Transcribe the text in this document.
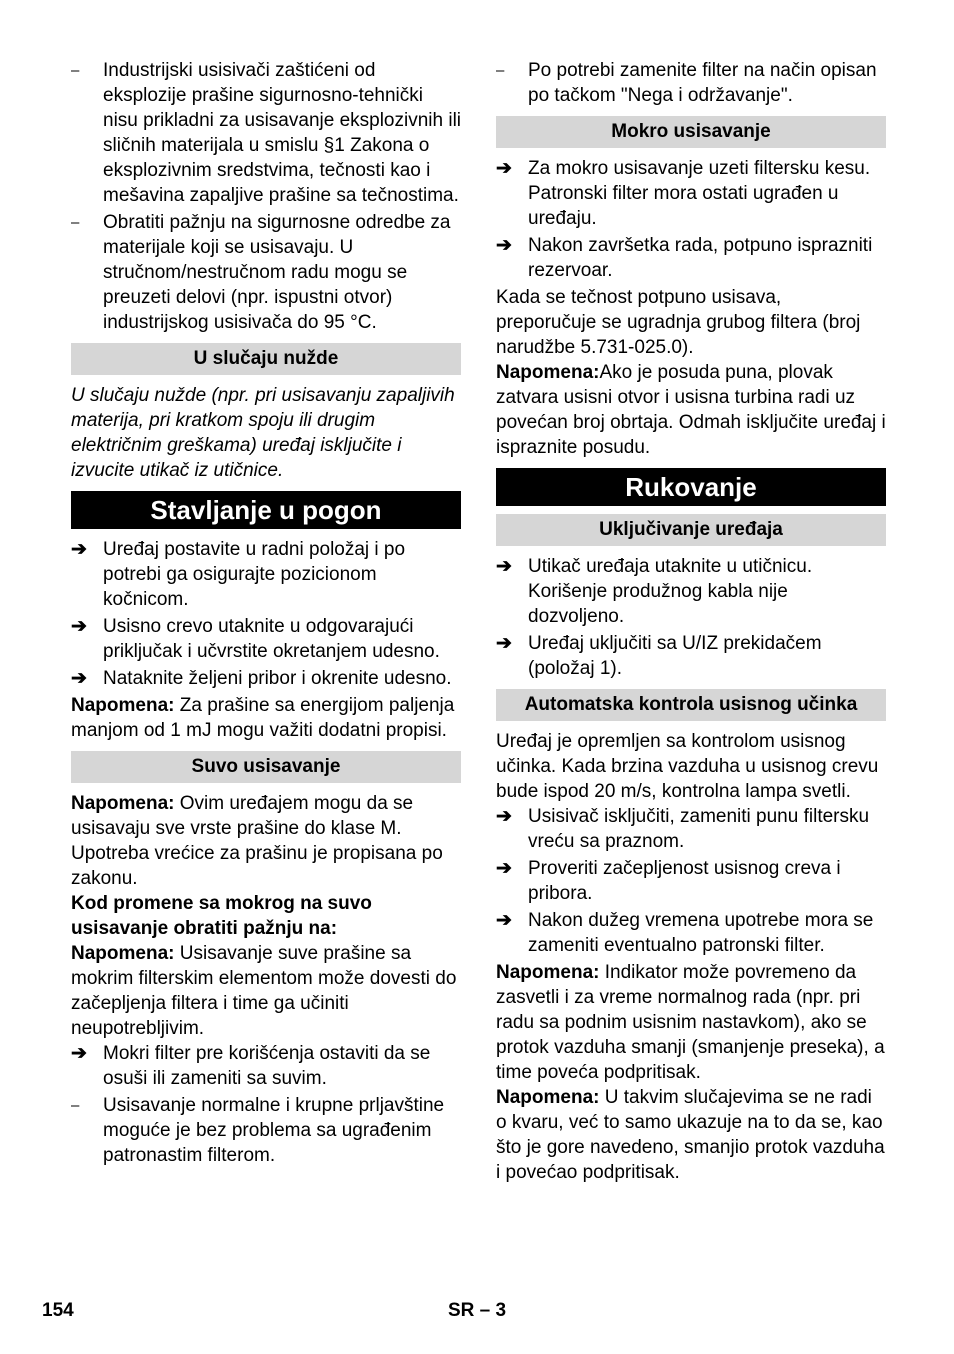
–	Industrijski usisivači zaštićeni od eksplozije prašine sigurnosno-tehnički nisu prikladni za usisavanje eksplozivnih ili sličnih materijala u smislu §1 Zakona o eksplozivnim sredstvima, tečnosti kao i mešavina zapaljive prašine sa tečnostima.
–	Obratiti pažnju na sigurnosne odredbe za materijale koji se usisavaju. U stručnom/nestručnom radu mogu se preuzeti delovi (npr. ispustni otvor) industrijskog usisivača do 95 °C.
U slučaju nužde
U slučaju nužde (npr. pri usisavanju zapaljivih materija, pri kratkom spoju ili drugim električnim greškama) uređaj isključite i izvucite utikač iz utičnice.
Stavljanje u pogon
➔ Uređaj postavite u radni položaj i po potrebi ga osigurajte pozicionom kočnicom.
➔ Usisno crevo utaknite u odgovarajući priključak i učvrstite okretanjem udesno.
➔ Nataknite željeni pribor i okrenite udesno.
Napomena: Za prašine sa energijom paljenja manjom od 1 mJ mogu važiti dodatni propisi.
Suvo usisavanje
Napomena: Ovim uređajem mogu da se usisavaju sve vrste prašine do klase M. Upotreba vrećice za prašinu je propisana po zakonu.
Kod promene sa mokrog na suvo usisavanje obratiti pažnju na:
Napomena: Usisavanje suve prašine sa mokrim filterskim elementom može dovesti do začepljenja filtera i time ga učiniti neupotrebljivim.
➔ Mokri filter pre korišćenja ostaviti da se osuši ili zameniti sa suvim.
–	Usisavanje normalne i krupne prljavštine moguće je bez problema sa ugrađenim patronastim filterom.
–	Po potrebi zamenite filter na način opisan po tačkom "Nega i održavanje".
Mokro usisavanje
➔ Za mokro usisavanje uzeti filtersku kesu. Patronski filter mora ostati ugrađen u uređaju.
➔ Nakon završetka rada, potpuno isprazniti rezervoar.
Kada se tečnost potpuno usisava, preporučuje se ugradnja grubog filtera (broj narudžbe 5.731-025.0).
Napomena:Ako je posuda puna, plovak zatvara usisni otvor i usisna turbina radi uz povećan broj obrtaja. Odmah isključite uređaj i ispraznite posudu.
Rukovanje
Uključivanje uređaja
➔ Utikač uređaja utaknite u utičnicu. Korišenje produžnog kabla nije dozvoljeno.
➔ Uređaj uključiti sa U/IZ prekidačem (položaj 1).
Automatska kontrola usisnog učinka
Uređaj je opremljen sa kontrolom usisnog učinka. Kada brzina vazduha u usisnog crevu bude ispod 20 m/s, kontrolna lampa svetli.
➔ Usisivač isključiti, zameniti punu filtersku vreću sa praznom.
➔ Proveriti začepljenost usisnog creva i pribora.
➔ Nakon dužeg vremena upotrebe mora se zameniti eventualno patronski filter.
Napomena: Indikator može povremeno da zasvetli i za vreme normalnog rada (npr. pri radu sa podnim usisnim nastavkom), ako se protok vazduha smanji (smanjenje preseka), a time poveća podpritisak.
Napomena: U takvim slučajevima se ne radi o kvaru, već to samo ukazuje na to da se, kao što je gore navedeno, smanjio protok vazduha i povećao podpritisak.
154	SR – 3
